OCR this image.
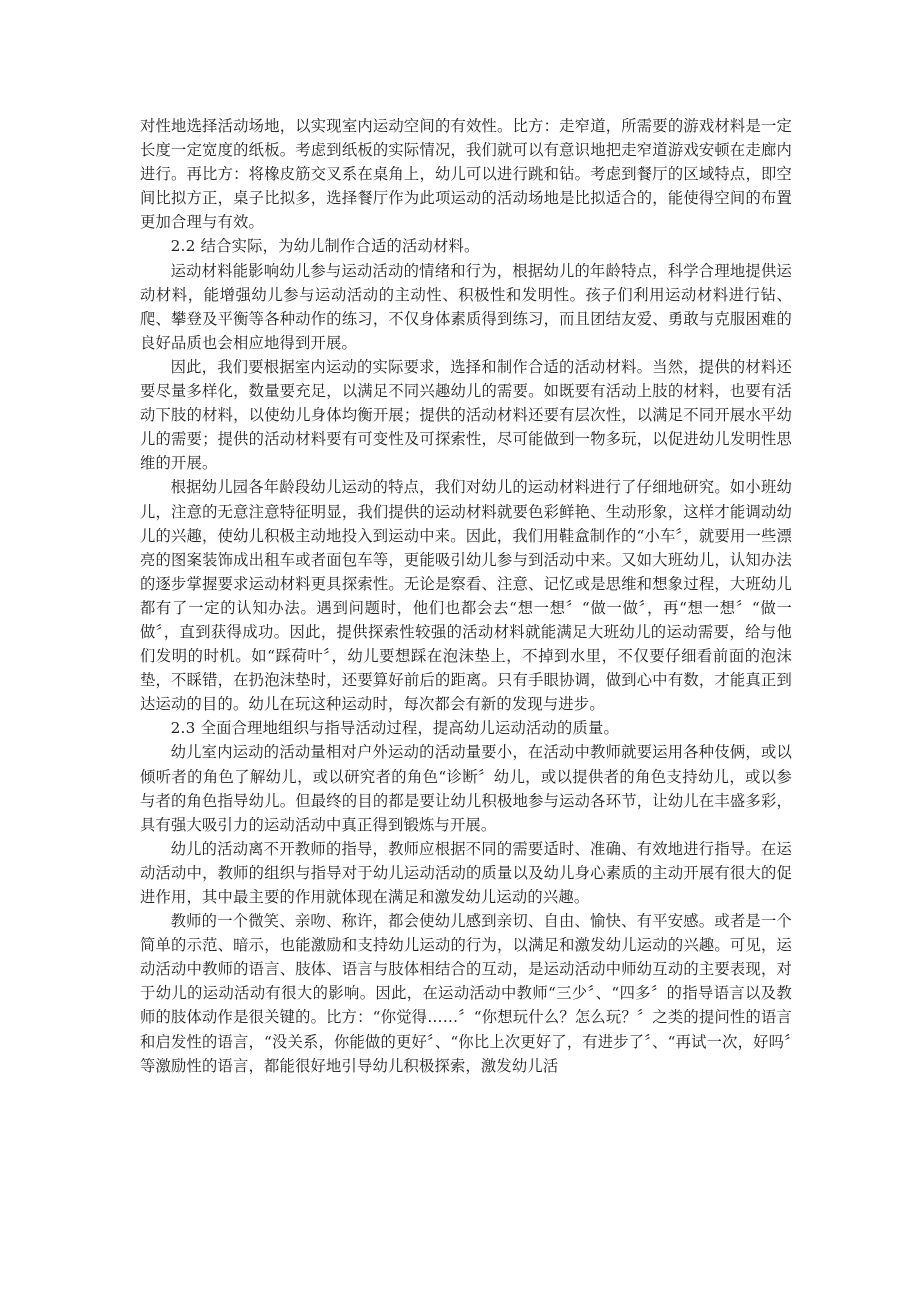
对性地选择活动场地，以实现室内运动空间的有效性。比方：走窄道，所需要的游戏材料是一定长度一定宽度的纸板。考虑到纸板的实际情况，我们就可以有意识地把走窄道游戏安顿在走廊内进行。再比方：将橡皮筋交叉系在桌角上，幼儿可以进行跳和钻。考虑到餐厅的区域特点，即空间比拟方正，桌子比拟多，选择餐厅作为此项运动的活动场地是比拟适合的，能使得空间的布置更加合理与有效。

2.2 结合实际，为幼儿制作合适的活动材料。

运动材料能影响幼儿参与运动活动的情绪和行为，根据幼儿的年龄特点，科学合理地提供运动材料，能增强幼儿参与运动活动的主动性、积极性和发明性。孩子们利用运动材料进行钻、爬、攀登及平衡等各种动作的练习，不仅身体素质得到练习，而且团结友爱、勇敢与克服困难的良好品质也会相应地得到开展。

因此，我们要根据室内运动的实际要求，选择和制作合适的活动材料。当然，提供的材料还要尽量多样化，数量要充足，以满足不同兴趣幼儿的需要。如既要有活动上肢的材料，也要有活动下肢的材料，以使幼儿身体均衡开展；提供的活动材料还要有层次性，以满足不同开展水平幼儿的需要；提供的活动材料要有可变性及可探索性，尽可能做到一物多玩，以促进幼儿发明性思维的开展。

根据幼儿园各年龄段幼儿运动的特点，我们对幼儿的运动材料进行了仔细地研究。如小班幼儿，注意的无意注意特征明显，我们提供的运动材料就要色彩鲜艳、生动形象，这样才能调动幼儿的兴趣，使幼儿积极主动地投入到运动中来。因此，我们用鞋盒制作的“小车〞，就要用一些漂亮的图案装饰成出租车或者面包车等，更能吸引幼儿参与到活动中来。又如大班幼儿，认知办法的逐步掌握要求运动材料更具探索性。无论是察看、注意、记忆或是思维和想象过程，大班幼儿都有了一定的认知办法。遇到问题时，他们也都会去“想一想〞“做一做〞，再“想一想〞“做一做〞，直到获得成功。因此，提供探索性较强的活动材料就能满足大班幼儿的运动需要，给与他们发明的时机。如“踩荷叶〞，幼儿要想踩在泡沫垫上，不掉到水里，不仅要仔细看前面的泡沫垫，不睬错，在扔泡沫垫时，还要算好前后的距离。只有手眼协调，做到心中有数，才能真正到达运动的目的。幼儿在玩这种运动时，每次都会有新的发现与进步。

2.3 全面合理地组织与指导活动过程，提高幼儿运动活动的质量。

幼儿室内运动的活动量相对户外运动的活动量要小，在活动中教师就要运用各种伎俩，或以倾听者的角色了解幼儿，或以研究者的角色“诊断〞幼儿，或以提供者的角色支持幼儿，或以参与者的角色指导幼儿。但最终的目的都是要让幼儿积极地参与运动各环节，让幼儿在丰盛多彩，具有强大吸引力的运动活动中真正得到锻炼与开展。

幼儿的活动离不开教师的指导，教师应根据不同的需要适时、准确、有效地进行指导。在运动活动中，教师的组织与指导对于幼儿运动活动的质量以及幼儿身心素质的主动开展有很大的促进作用，其中最主要的作用就体现在满足和激发幼儿运动的兴趣。

教师的一个微笑、亲吻、称许，都会使幼儿感到亲切、自由、愉快、有平安感。或者是一个简单的示范、暗示，也能激励和支持幼儿运动的行为，以满足和激发幼儿运动的兴趣。可见，运动活动中教师的语言、肢体、语言与肢体相结合的互动，是运动活动中师幼互动的主要表现，对于幼儿的运动活动有很大的影响。因此，在运动活动中教师“三少〞、“四多〞的指导语言以及教师的肢体动作是很关键的。比方：“你觉得……〞“你想玩什么？怎么玩？〞之类的提问性的语言和启发性的语言，“没关系，你能做的更好〞、“你比上次更好了，有进步了〞、“再试一次，好吗〞等激励性的语言，都能很好地引导幼儿积极探索，激发幼儿活
